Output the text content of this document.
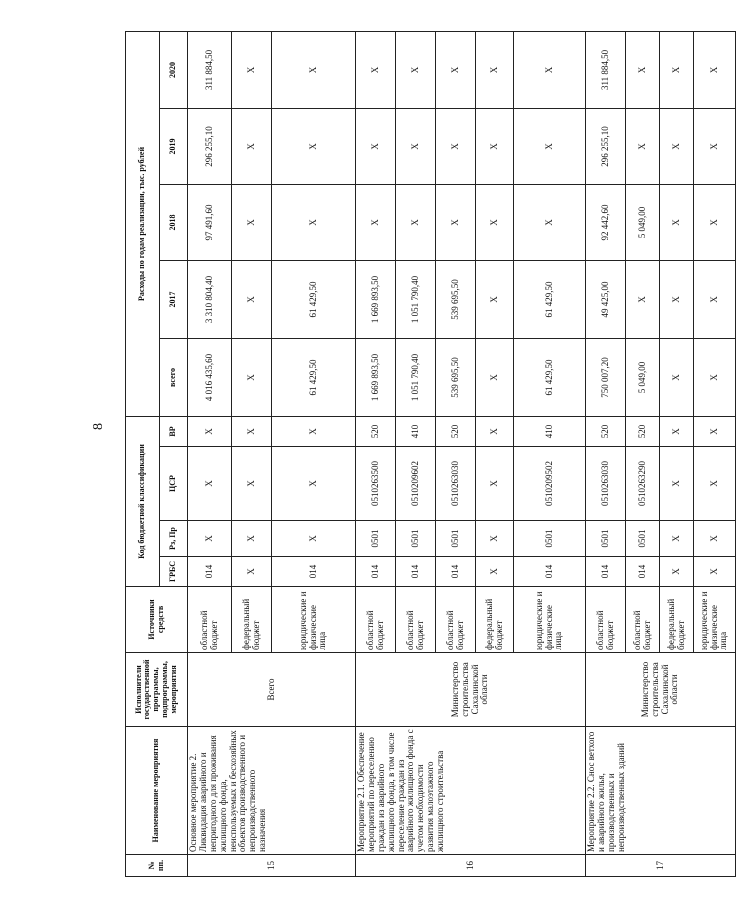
8
№ пп.	Наименование мероприятия	Исполнители государственной программы, подпрограммы, мероприятия	Источники средств	Код бюджетной классификации				Расходы по годам реализации, тыс. рублей				
				ГРБС	Рз, Пр	ЦСР	ВР	всего	2017	2018	2019	2020

15	Основное мероприятие 2. Ликвидация аварийного и непригодного для проживания жилищного фонда, неиспользуемых и бесхозяйных объектов производственного и непроизводственного назначения	Всего	областной бюджет	014	X	X	X	4 016 435,60	3 310 804,40	97 491,60	296 255,10	311 884,50
			федеральный бюджет	X	X	X	X	X	X	X	X	X
			юридические и физические лица	014	X	X	X	61 429,50	61 429,50	X	X	X
16	Мероприятие 2.1. Обеспечение мероприятий по переселению граждан из аварийного жилищного фонда, в том числе переселение граждан из аварийного жилищного фонда с учетом необходимости развития малоэтажного жилищного строительства	Министерство строительства Сахалинской области	областной бюджет	014	0501	0510263500	520	1 669 893,50	1 669 893,50	X	X	X
			областной бюджет	014	0501	0510209602	410	1 051 790,40	1 051 790,40	X	X	X
			областной бюджет	014	0501	0510263030	520	539 695,50	539 695,50	X	X	X
			федеральный бюджет	X	X	X	X	X	X	X	X	X
			юридические и физические лица	014	0501	0510209502	410	61 429,50	61 429,50	X	X	X
17	Мероприятие 2.2. Снос ветхого и аварийного жилья, производственных и непроизводственных зданий	Министерство строительства Сахалинской области	областной бюджет	014	0501	0510263030	520	750 007,20	49 425,00	92 442,60	296 255,10	311 884,50
			областной бюджет	014	0501	0510263290	520	5 049,00	X	5 049,00	X	X
			федеральный бюджет	X	X	X	X	X	X	X	X	X
			юридические и физические лица	X	X	X	X	X	X	X	X	X
